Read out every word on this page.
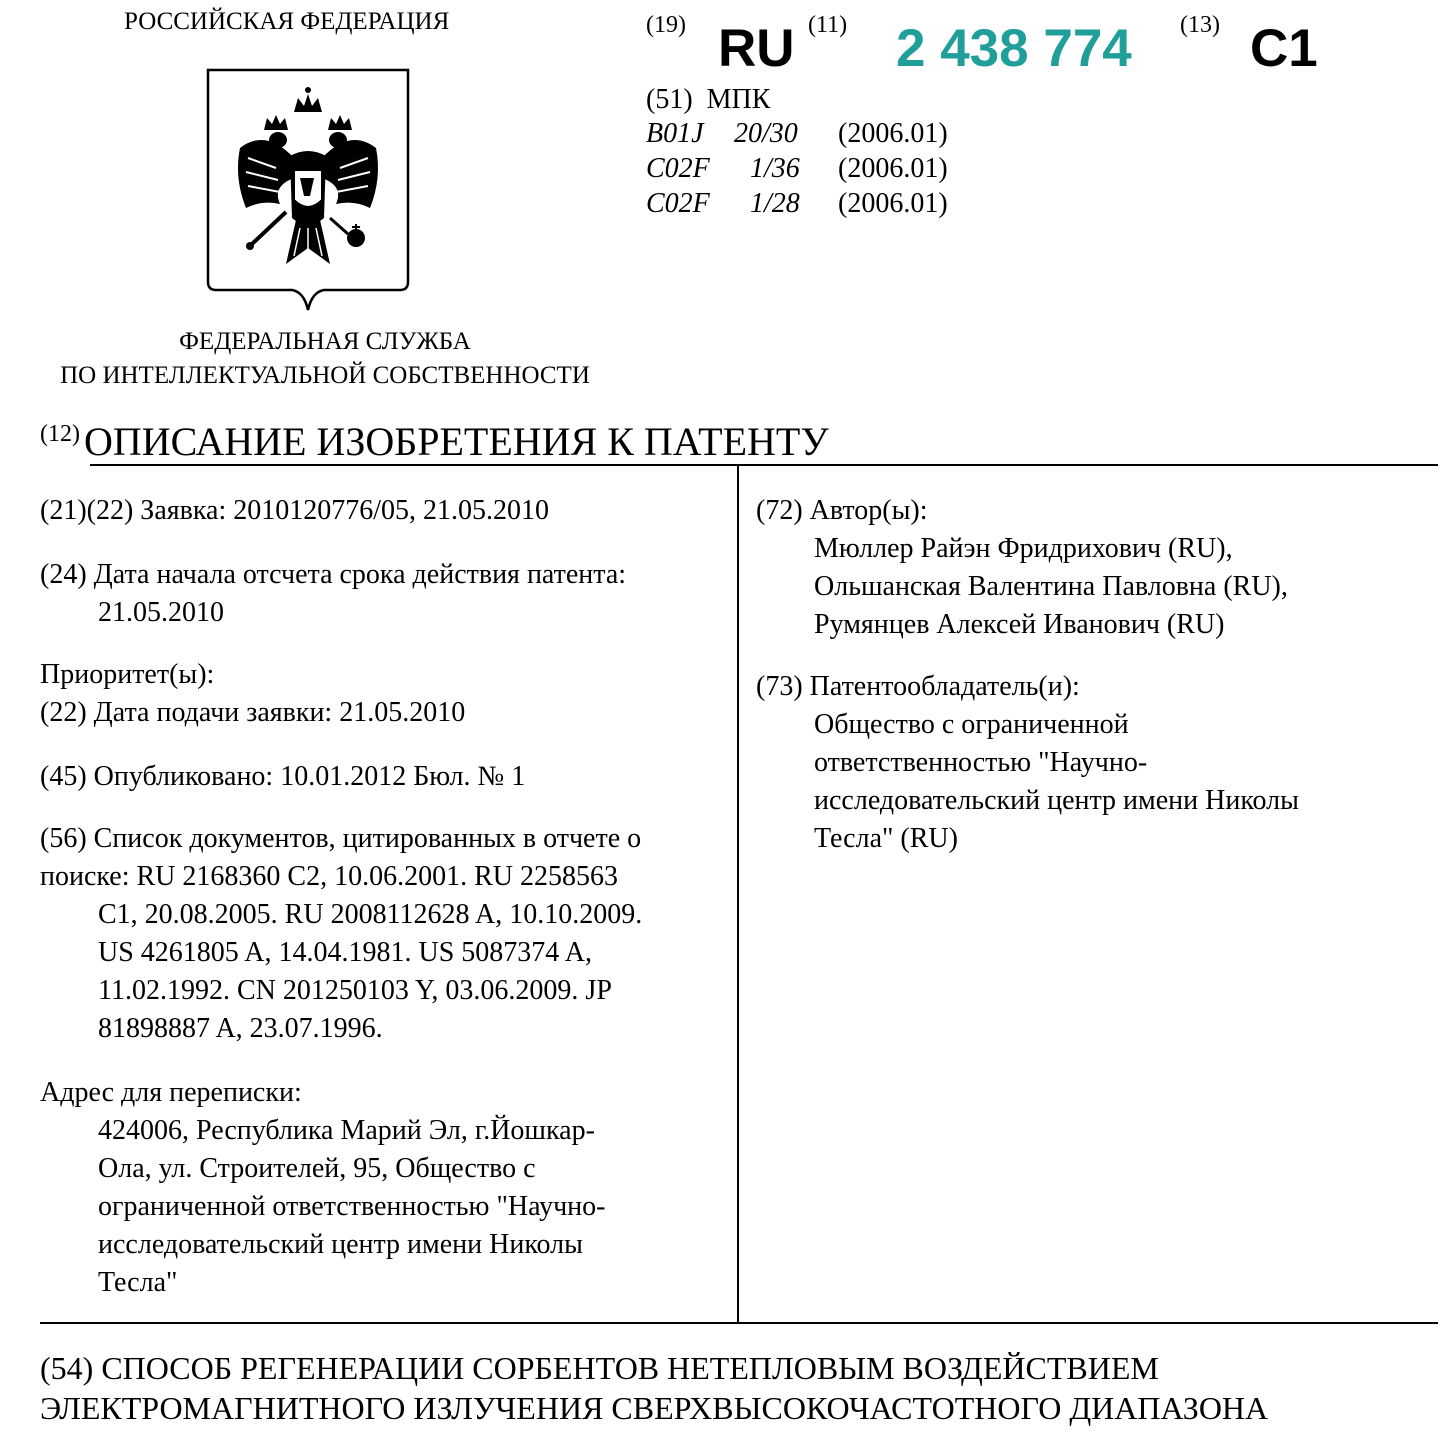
РОССИЙСКАЯ ФЕДЕРАЦИЯ
ФЕДЕРАЛЬНАЯ СЛУЖБА
ПО ИНТЕЛЛЕКТУАЛЬНОЙ СОБСТВЕННОСТИ
(19) RU (11) 2 438 774 (13) C1
(51) МПК
B01J 20/30 (2006.01)
C02F 1/36 (2006.01)
C02F 1/28 (2006.01)
$^{(12)}$ ОПИСАНИЕ ИЗОБРЕТЕНИЯ К ПАТЕНТУ
(21)(22) Заявка: 2010120776/05, 21.05.2010
(24) Дата начала отсчета срока действия патента:
21.05.2010
Приоритет(ы):
(22) Дата подачи заявки: 21.05.2010
(45) Опубликовано: 10.01.2012 Бюл. № 1
(56) Список документов, цитированных в отчете о
поиске: RU 2168360 C2, 10.06.2001. RU 2258563
C1, 20.08.2005. RU 2008112628 A, 10.10.2009.
US 4261805 A, 14.04.1981. US 5087374 A,
11.02.1992. CN 201250103 Y, 03.06.2009. JP
81898887 A, 23.07.1996.
Адрес для переписки:
424006, Республика Марий Эл, г.Йошкар-
Ола, ул. Строителей, 95, Общество с
ограниченной ответственностью "Научно-
исследовательский центр имени Николы
Тесла"
(72) Автор(ы):
Мюллер Райэн Фридрихович (RU),
Ольшанская Валентина Павловна (RU),
Румянцев Алексей Иванович (RU)
(73) Патентообладатель(и):
Общество с ограниченной
ответственностью "Научно-
исследовательский центр имени Николы
Тесла" (RU)
(54) СПОСОБ РЕГЕНЕРАЦИИ СОРБЕНТОВ НЕТЕПЛОВЫМ ВОЗДЕЙСТВИЕМ
ЭЛЕКТРОМАГНИТНОГО ИЗЛУЧЕНИЯ СВЕРХВЫСОКОЧАСТОТНОГО ДИАПАЗОНА
